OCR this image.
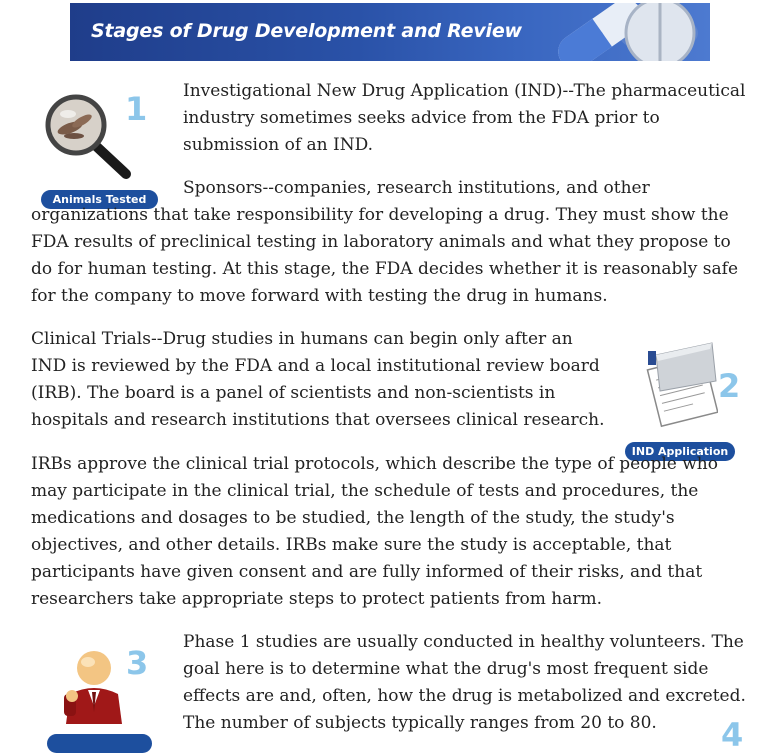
Stages of Drug Development and Review
1
Animals Tested

Investigational New Drug Application (IND)--The pharmaceutical industry sometimes seeks advice from the FDA prior to submission of an IND.

Sponsors--companies, research institutions, and other organizations that take responsibility for developing a drug. They must show the FDA results of preclinical testing in laboratory animals and what they propose to do for human testing. At this stage, the FDA decides whether it is reasonably safe for the company to move forward with testing the drug in humans.

Clinical Trials--Drug studies in humans can begin only after an IND is reviewed by the FDA and a local institutional review board (IRB). The board is a panel of scientists and non-scientists in hospitals and research institutions that oversees clinical research.

2
IND Application

IRBs approve the clinical trial protocols, which describe the type of people who may participate in the clinical trial, the schedule of tests and procedures, the medications and dosages to be studied, the length of the study, the study's objectives, and other details. IRBs make sure the study is acceptable, that participants have given consent and are fully informed of their risks, and that researchers take appropriate steps to protect patients from harm.

3

Phase 1 studies are usually conducted in healthy volunteers. The goal here is to determine what the drug's most frequent side effects are and, often, how the drug is metabolized and excreted. The number of subjects typically ranges from 20 to 80.	4
